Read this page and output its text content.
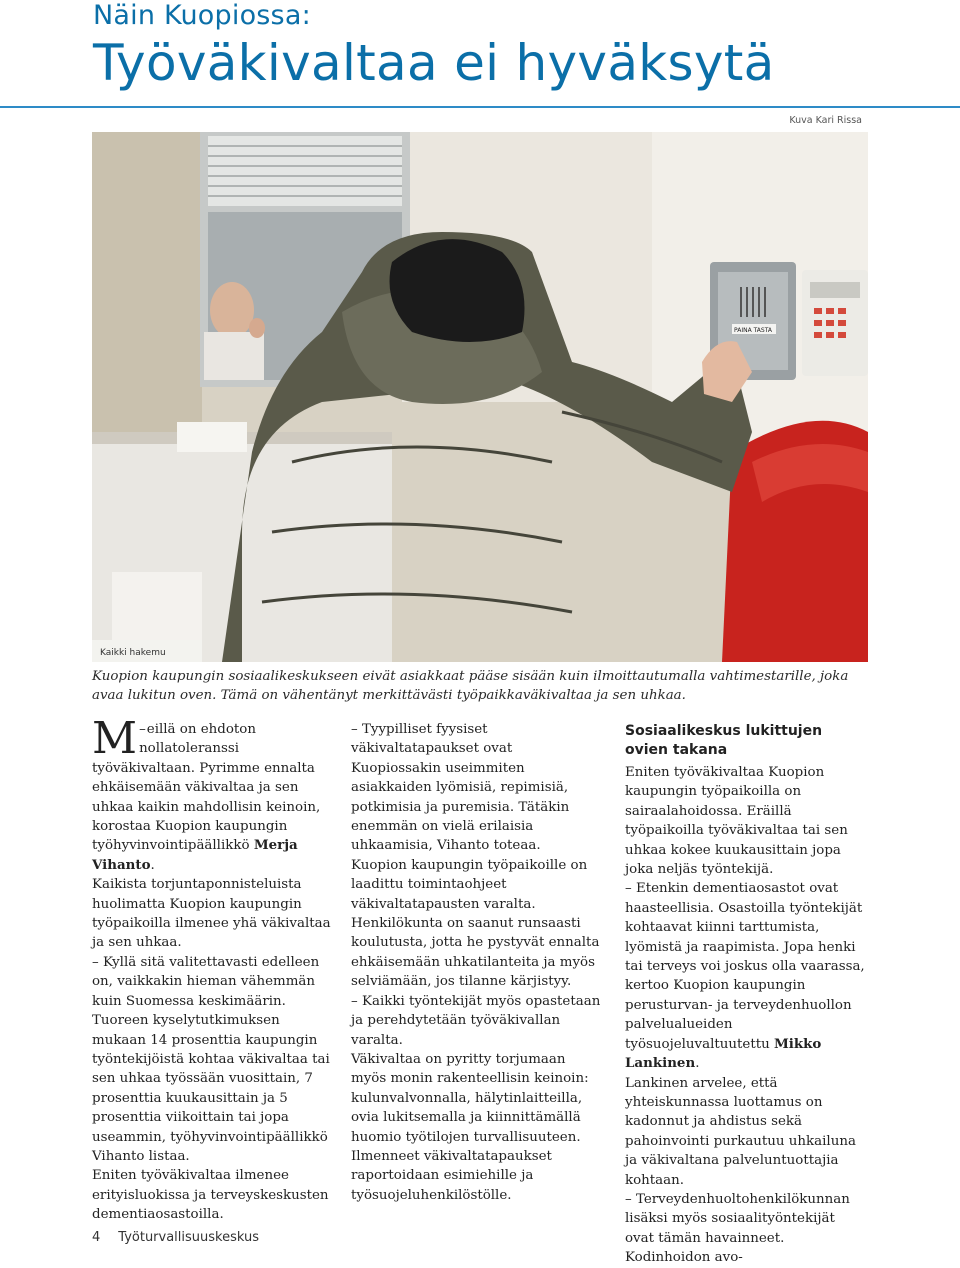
Näin Kuopiossa:
Työväkivaltaa ei hyväksytä
Kuva Kari Rissa
PAINA TASTA
Kaikki hakemu

Kuopion kaupungin sosiaalikeskukseen eivät asiakkaat pääse sisään kuin ilmoittautumalla vahtimestarille, joka avaa lukitun oven. Tämä on vähentänyt merkittävästi työpaikkaväkivaltaa ja sen uhkaa.

–
M eillä on ehdoton nollatoleranssi työväkivaltaan. Pyrimme ennalta ehkäisemään väkivaltaa ja sen uhkaa kaikin mahdollisin keinoin, korostaa Kuopion kaupungin työhyvinvointipäällikkö Merja Vihanto.

Kaikista torjuntaponnisteluista huolimatta Kuopion kaupungin työpaikoilla ilmenee yhä väkivaltaa ja sen uhkaa.

– Kyllä sitä valitettavasti edelleen on, vaikkakin hieman vähemmän kuin Suomessa keskimäärin. Tuoreen kyselytutkimuksen mukaan 14 prosenttia kaupungin työntekijöistä kohtaa väkivaltaa tai sen uhkaa työssään vuosittain, 7 prosenttia kuukausittain ja 5 prosenttia viikoittain tai jopa useammin, työhyvinvointipäällikkö Vihanto listaa.

Eniten työväkivaltaa ilmenee erityisluokissa ja terveyskeskusten dementiaosastoilla.

– Tyypilliset fyysiset väkivaltatapaukset ovat Kuopiossakin useimmiten asiakkaiden lyömisiä, repimisiä, potkimisia ja puremisia. Tätäkin enemmän on vielä erilaisia uhkaamisia, Vihanto toteaa.

Kuopion kaupungin työpaikoille on laadittu toimintaohjeet väkivaltatapausten varalta. Henkilökunta on saanut runsaasti koulutusta, jotta he pystyvät ennalta ehkäisemään uhkatilanteita ja myös selviämään, jos tilanne kärjistyy.

– Kaikki työntekijät myös opastetaan ja perehdytetään työväkivallan varalta.

Väkivaltaa on pyritty torjumaan myös monin rakenteellisin keinoin: kulunvalvonnalla, hälytinlaitteilla, ovia lukitsemalla ja kiinnittämällä huomio työtilojen turvallisuuteen.

Ilmenneet väkivaltatapaukset raportoidaan esimiehille ja työsuojeluhenkilöstölle.

Sosiaalikeskus lukittujen ovien takana

Eniten työväkivaltaa Kuopion kaupungin työpaikoilla on sairaalahoidossa. Eräillä työpaikoilla työväkivaltaa tai sen uhkaa kokee kuukausittain jopa joka neljäs työntekijä.

– Etenkin dementiaosastot ovat haasteellisia. Osastoilla työntekijät kohtaavat kiinni tarttumista, lyömistä ja raapimista. Jopa henki tai terveys voi joskus olla vaarassa, kertoo Kuopion kaupungin perusturvan- ja terveydenhuollon palvelualueiden työsuojeluvaltuutettu Mikko Lankinen.

Lankinen arvelee, että yhteiskunnassa luottamus on kadonnut ja ahdistus sekä pahoinvointi purkautuu uhkailuna ja väkivaltana palveluntuottajia kohtaan.

– Terveydenhuoltohenkilökunnan lisäksi myös sosiaalityöntekijät ovat tämän havainneet. Kodinhoidon avo-

4 Työturvallisuuskeskus
